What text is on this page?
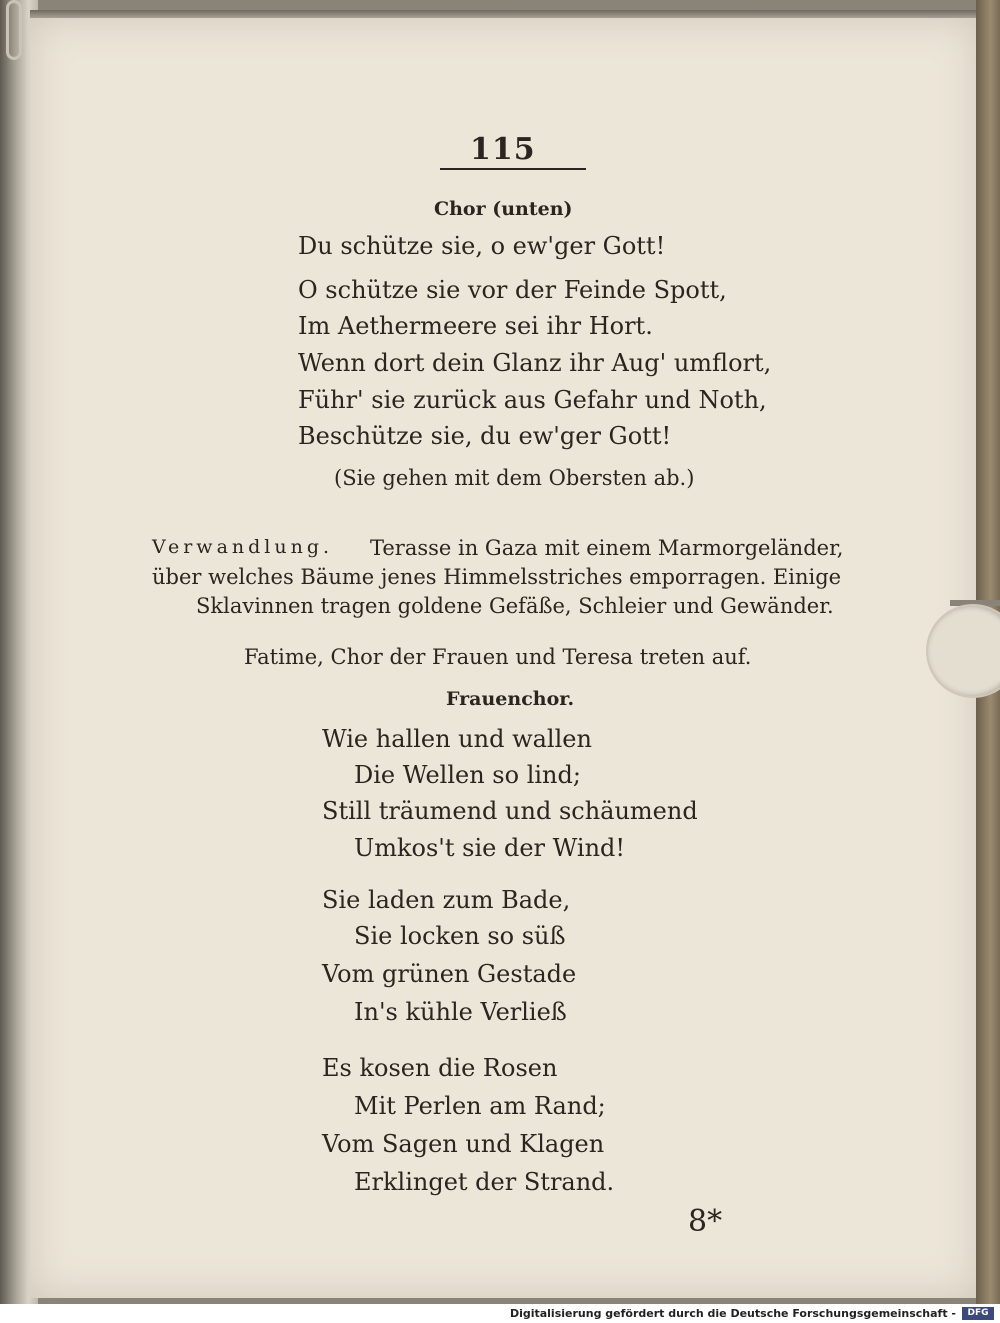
115
Chor (unten)
Du schütze sie, o ew'ger Gott!
O schütze sie vor der Feinde Spott,
Im Aethermeere sei ihr Hort.
Wenn dort dein Glanz ihr Aug' umflort,
Führ' sie zurück aus Gefahr und Noth,
Beschütze sie, du ew'ger Gott!
(Sie gehen mit dem Obersten ab.)
Verwandlung. Terasse in Gaza mit einem Marmorgeländer,
über welches Bäume jenes Himmelsstriches emporragen. Einige
Sklavinnen tragen goldene Gefäße, Schleier und Gewänder.
Fatime, Chor der Frauen und Teresa treten auf.
Frauenchor.
Wie hallen und wallen
Die Wellen so lind;
Still träumend und schäumend
Umkos't sie der Wind!
Sie laden zum Bade,
Sie locken so süß
Vom grünen Gestade
In's kühle Verließ
Es kosen die Rosen
Mit Perlen am Rand;
Vom Sagen und Klagen
Erklinget der Strand.
8*
Digitalisierung gefördert durch die Deutsche Forschungsgemeinschaft -	DFG
